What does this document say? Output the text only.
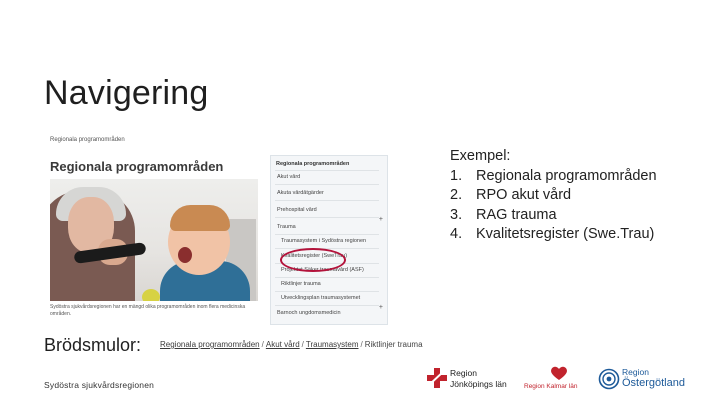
Navigering
Regionala programområden
Regionala programområden
Sydöstra sjukvårdsregionen har en mängd olika programområden inom flera medicinska områden.
Regionala programområden
Akut vård
Akuta vårdåtgärder
Prehospital vård
Trauma
+
Traumasystem i Sydöstra regionen
Kvalitetsregister (SweTrau)
Projektet Säker traumavård (ASF)
Riktlinjer trauma
Utvecklingsplan traumasystemet
Barnoch ungdomsmedicin
+
Exempel:
1. Regionala programområden
2. RPO akut vård
3. RAG trauma
4. Kvalitetsregister (Swe.Trau)
Brödsmulor: Regionala programområden / Akut vård / Traumasystem / Riktlinjer trauma
Sydöstra sjukvårdsregionen
Region
Jönköpings län	Region Kalmar län
Region
Östergötland
